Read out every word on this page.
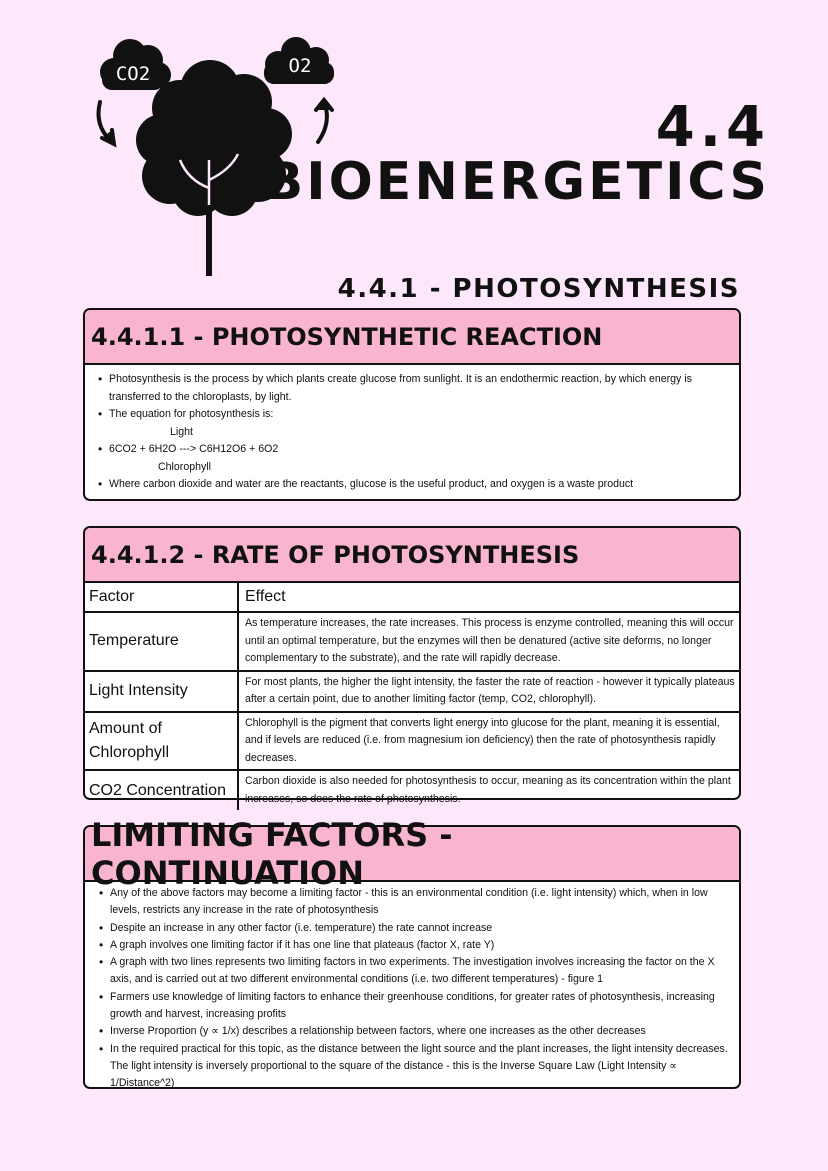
CO2	O2
4.4
BIOENERGETICS
4.4.1 - PHOTOSYNTHESIS
4.4.1.1 - PHOTOSYNTHETIC REACTION
• Photosynthesis is the process by which plants create glucose from sunlight. It is an endothermic reaction, by which energy is transferred to the chloroplasts, by light.
• The equation for photosynthesis is:
Light
• 6CO2 + 6H2O ---> C6H12O6 + 6O2
Chlorophyll
• Where carbon dioxide and water are the reactants, glucose is the useful product, and oxygen is a waste product
4.4.1.2 - RATE OF PHOTOSYNTHESIS
Factor	Effect
Temperature	As temperature increases, the rate increases. This process is enzyme controlled, meaning this will occur until an optimal temperature, but the enzymes will then be denatured (active site deforms, no longer complementary to the substrate), and the rate will rapidly decrease.
Light Intensity	For most plants, the higher the light intensity, the faster the rate of reaction - however it typically plateaus after a certain point, due to another limiting factor (temp, CO2, chlorophyll).
Amount of Chlorophyll	Chlorophyll is the pigment that converts light energy into glucose for the plant, meaning it is essential, and if levels are reduced (i.e. from magnesium ion deficiency) then the rate of photosynthesis rapidly decreases.
CO2 Concentration	Carbon dioxide is also needed for photosynthesis to occur, meaning as its concentration within the plant increases, so does the rate of photosynthesis.
LIMITING FACTORS - CONTINUATION
• Any of the above factors may become a limiting factor - this is an environmental condition (i.e. light intensity) which, when in low levels, restricts any increase in the rate of photosynthesis
• Despite an increase in any other factor (i.e. temperature) the rate cannot increase
• A graph involves one limiting factor if it has one line that plateaus (factor X, rate Y)
• A graph with two lines represents two limiting factors in two experiments. The investigation involves increasing the factor on the X axis, and is carried out at two different environmental conditions (i.e. two different temperatures) - figure 1
• Farmers use knowledge of limiting factors to enhance their greenhouse conditions, for greater rates of photosynthesis, increasing growth and harvest, increasing profits
• Inverse Proportion (y ∝ 1/x) describes a relationship between factors, where one increases as the other decreases
• In the required practical for this topic, as the distance between the light source and the plant increases, the light intensity decreases. The light intensity is inversely proportional to the square of the distance - this is the Inverse Square Law (Light Intensity ∝ 1/Distance^2)
